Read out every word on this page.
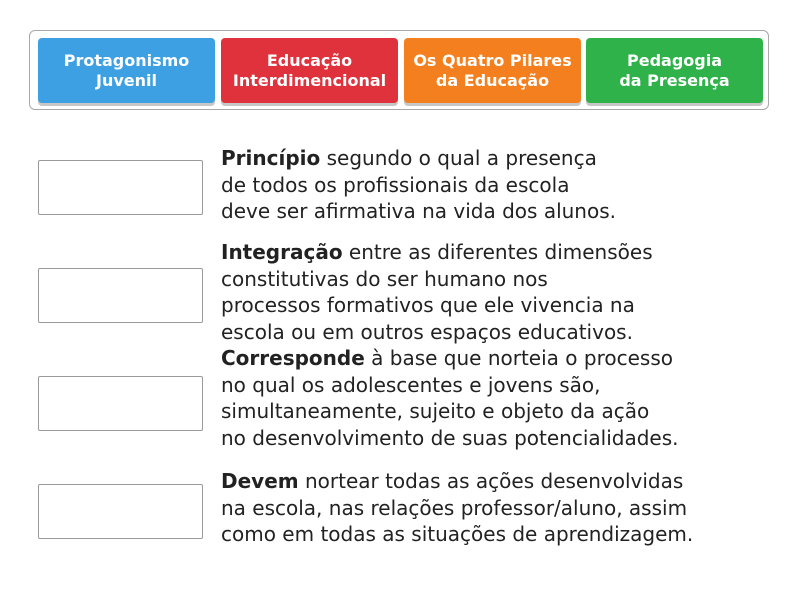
Protagonismo
Juvenil
Educação
Interdimencional
Os Quatro Pilares
da Educação
Pedagogia
da Presença
Princípio segundo o qual a presença
de todos os profissionais da escola
deve ser afirmativa na vida dos alunos.
Integração entre as diferentes dimensões
constitutivas do ser humano nos
processos formativos que ele vivencia na
escola ou em outros espaços educativos.
Corresponde à base que norteia o processo
no qual os adolescentes e jovens são,
simultaneamente, sujeito e objeto da ação
no desenvolvimento de suas potencialidades.
Devem nortear todas as ações desenvolvidas
na escola, nas relações professor/aluno, assim
como em todas as situações de aprendizagem.
